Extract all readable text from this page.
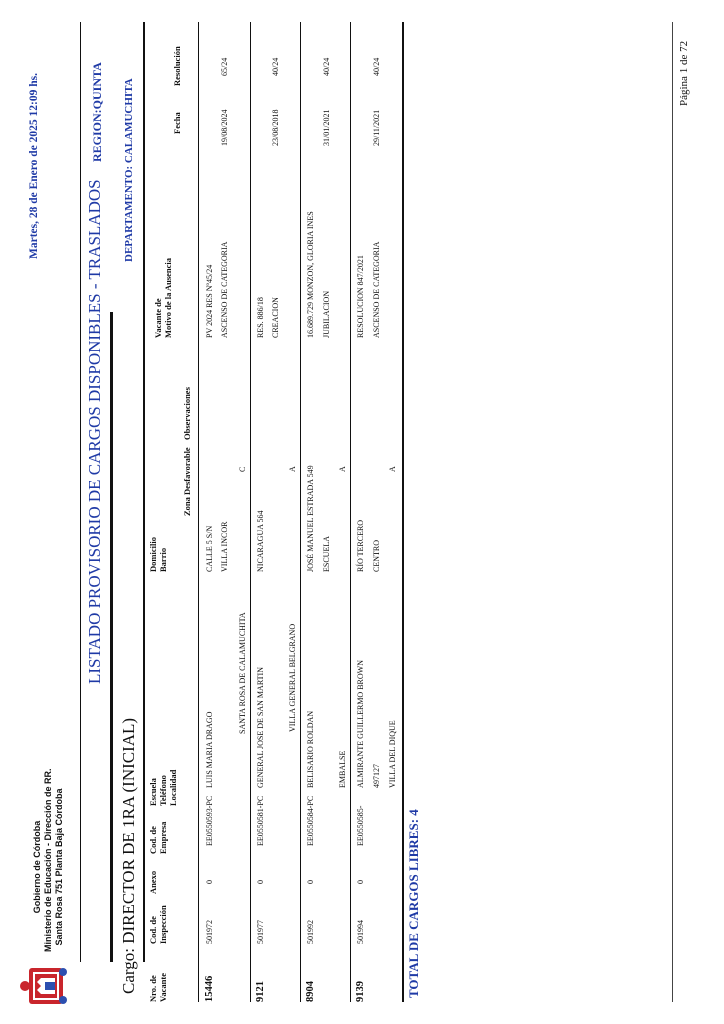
Gobierno de Córdoba Ministerio de Educación - Dirección de RR. Santa Rosa 751 Planta Baja Córdoba
Martes, 28 de Enero de 2025 12:09 hs.
LISTADO PROVISORIO DE CARGOS DISPONIBLES - TRASLADOS
REGION:QUINTA DEPARTAMENTO: CALAMUCHITA
Cargo: DIRECTOR DE 1RA (INICIAL) Nro. de Vacante
Cod. de Inspección
Anexo
Cod. de Empresa
Escuela Teléfono Localidad
Domicilio Barrio
Zona Desfavorable
Observaciones
Vacante de Motivo de la Ausencia
Fecha
Resolución
15446
501972
0
EE0550593-PC
LUIS MARIA DRAGO
SANTA ROSA DE CALAMUCHITA
CALLE 5 S/N VILLA INCOR
C
PV 2024 RES Nº45/24 ASCENSO DE CATEGORIA
19/08/2024
65/24
9121
501977
0
EE0550581-PC
GENERAL JOSE DE SAN MARTIN	VILLA GENERAL BELGRANO
NICARAGUA 564
A
RES. 886/18 CREACION
23/08/2018
40/24
8904
501992
0
EE0550584-PC
BELISARIO ROLDAN	EMBALSE
JOSÉ MANUEL ESTRADA 549 ESCUELA
A
16.689.729 MONZON, GLORIA INES JUBILACION
31/01/2021
40/24
9139
501994
0
EE0550585-
ALMIRANTE GUILLERMO BROWN 497127 VILLA DEL DIQUE
RÍO TERCERO CENTRO
A
RESOLUCION 847/2021 ASCENSO DE CATEGORIA
29/11/2021
40/24
TOTAL DE CARGOS LIBRES: 4
Página 1 de 72
